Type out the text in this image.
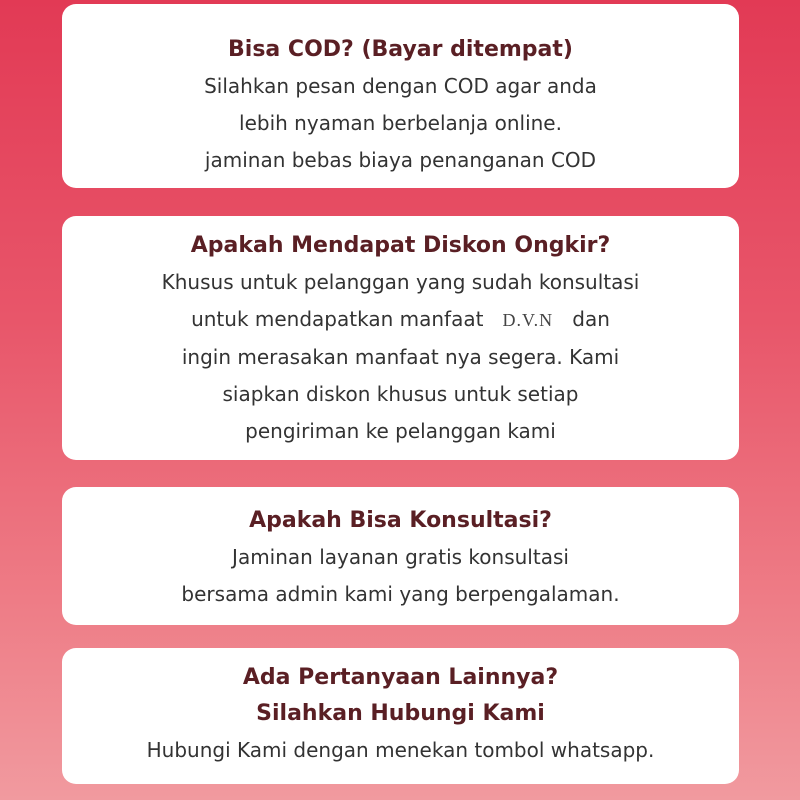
Bisa COD? (Bayar ditempat)
Silahkan pesan dengan COD agar anda
lebih nyaman berbelanja online.
jaminan bebas biaya penanganan COD
Apakah Mendapat Diskon Ongkir?
Khusus untuk pelanggan yang sudah konsultasi
untuk mendapatkan manfaat D.V.N dan
ingin merasakan manfaat nya segera. Kami
siapkan diskon khusus untuk setiap
pengiriman ke pelanggan kami
Apakah Bisa Konsultasi?
Jaminan layanan gratis konsultasi
bersama admin kami yang berpengalaman.
Ada Pertanyaan Lainnya?
Silahkan Hubungi Kami
Hubungi Kami dengan menekan tombol whatsapp.
